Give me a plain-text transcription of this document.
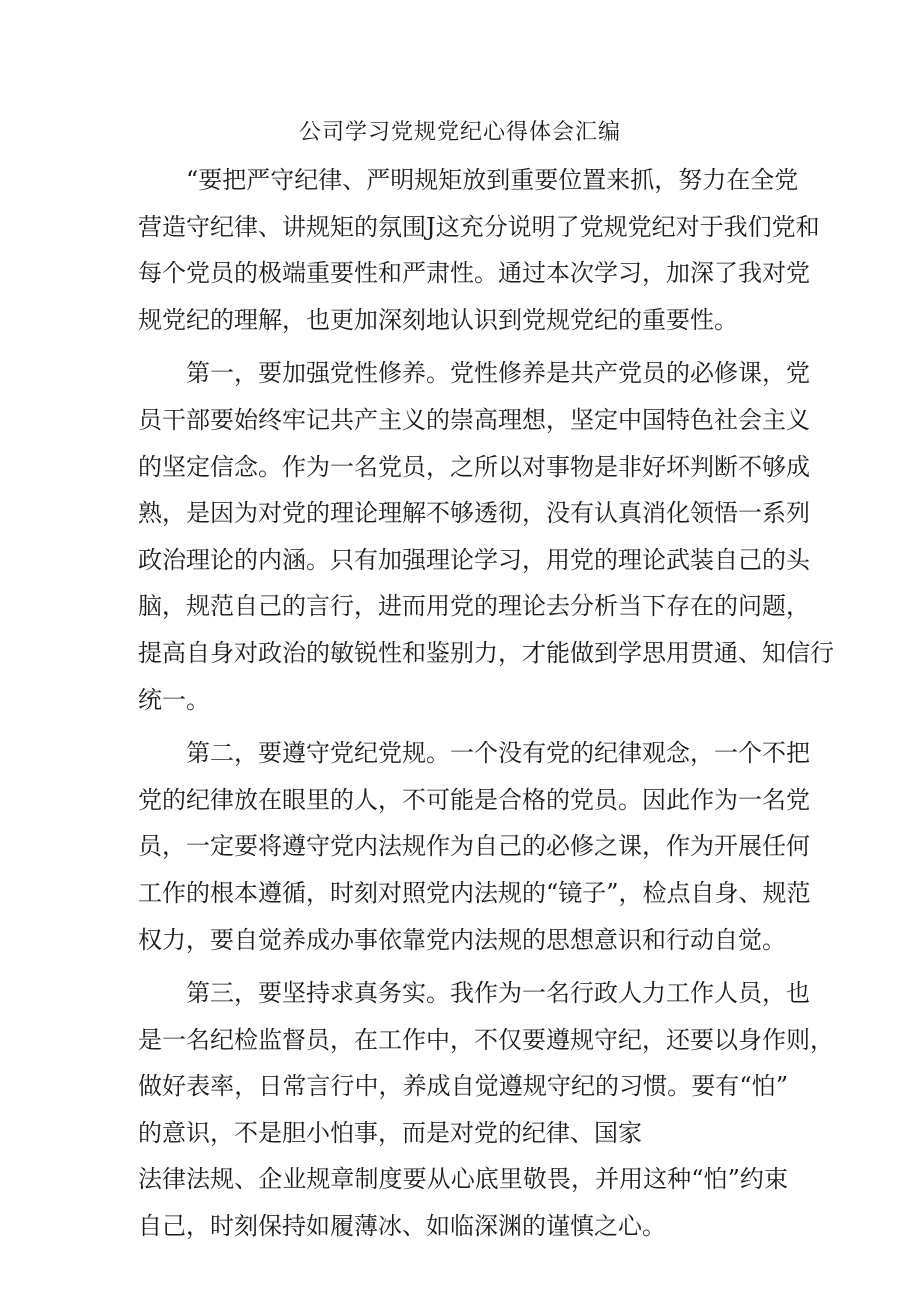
公司学习党规党纪心得体会汇编
“要把严守纪律、严明规矩放到重要位置来抓，努力在全党
营造守纪律、讲规矩的氛围J这充分说明了党规党纪对于我们党和
每个党员的极端重要性和严肃性。通过本次学习，加深了我对党
规党纪的理解，也更加深刻地认识到党规党纪的重要性。
第一，要加强党性修养。党性修养是共产党员的必修课，党
员干部要始终牢记共产主义的崇高理想，坚定中国特色社会主义
的坚定信念。作为一名党员，之所以对事物是非好坏判断不够成
熟，是因为对党的理论理解不够透彻，没有认真消化领悟一系列
政治理论的内涵。只有加强理论学习，用党的理论武装自己的头
脑，规范自己的言行，进而用党的理论去分析当下存在的问题，
提高自身对政治的敏锐性和鉴别力，才能做到学思用贯通、知信行
统一。
第二，要遵守党纪党规。一个没有党的纪律观念，一个不把
党的纪律放在眼里的人，不可能是合格的党员。因此作为一名党
员，一定要将遵守党内法规作为自己的必修之课，作为开展任何
工作的根本遵循，时刻对照党内法规的“镜子”，检点自身、规范
权力，要自觉养成办事依靠党内法规的思想意识和行动自觉。
第三，要坚持求真务实。我作为一名行政人力工作人员，也
是一名纪检监督员，在工作中，不仅要遵规守纪，还要以身作则，
做好表率，日常言行中，养成自觉遵规守纪的习惯。要有“怕”
的意识，不是胆小怕事，而是对党的纪律、国家
法律法规、企业规章制度要从心底里敬畏，并用这种“怕”约束
自己，时刻保持如履薄冰、如临深渊的谨慎之心。
